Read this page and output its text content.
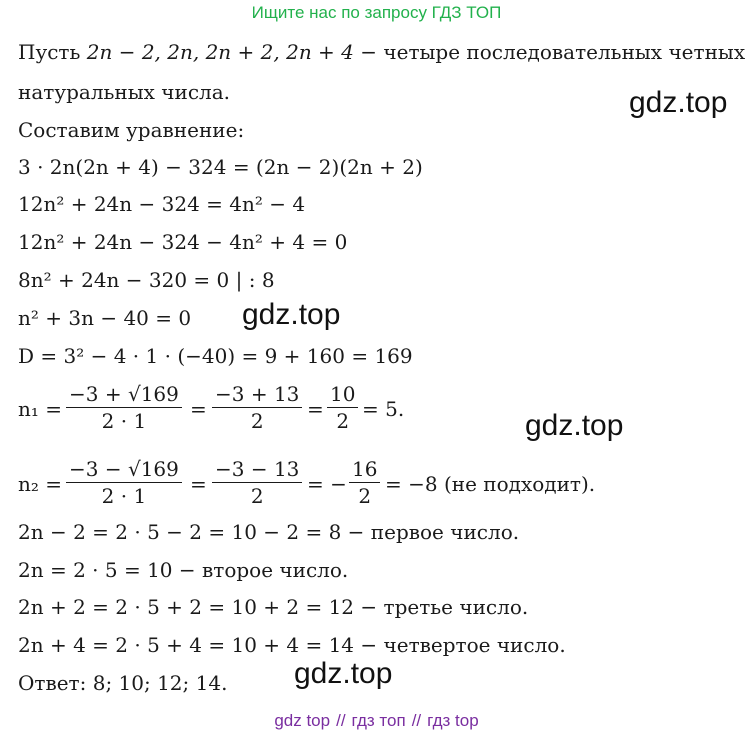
Ищите нас по запросу ГДЗ ТОП
gdz.top
gdz.top
gdz.top
gdz.top
Пусть 2n − 2, 2n, 2n + 2, 2n + 4 − четыре последовательных четных
натуральных числа.
Составим уравнение:
3 · 2n(2n + 4) − 324 = (2n − 2)(2n + 2)
12n² + 24n − 324 = 4n² − 4
12n² + 24n − 324 − 4n² + 4 = 0
8n² + 24n − 320 = 0 | : 8
n² + 3n − 40 = 0
D = 3² − 4 · 1 · (−40) = 9 + 160 = 169
n₁ =
−3 + √169
2 · 1 =
−3 + 13
2 =
10
2 = 5.
n₂ =
−3 − √169
2 · 1 =
−3 − 13
2 = −
16
2 = −8 (не подходит).
2n − 2 = 2 · 5 − 2 = 10 − 2 = 8 − первое число.
2n = 2 · 5 = 10 − второе число.
2n + 2 = 2 · 5 + 2 = 10 + 2 = 12 − третье число.
2n + 4 = 2 · 5 + 4 = 10 + 4 = 14 − четвертое число.
Ответ: 8; 10; 12; 14.
gdz top // гдз топ // гдз top
